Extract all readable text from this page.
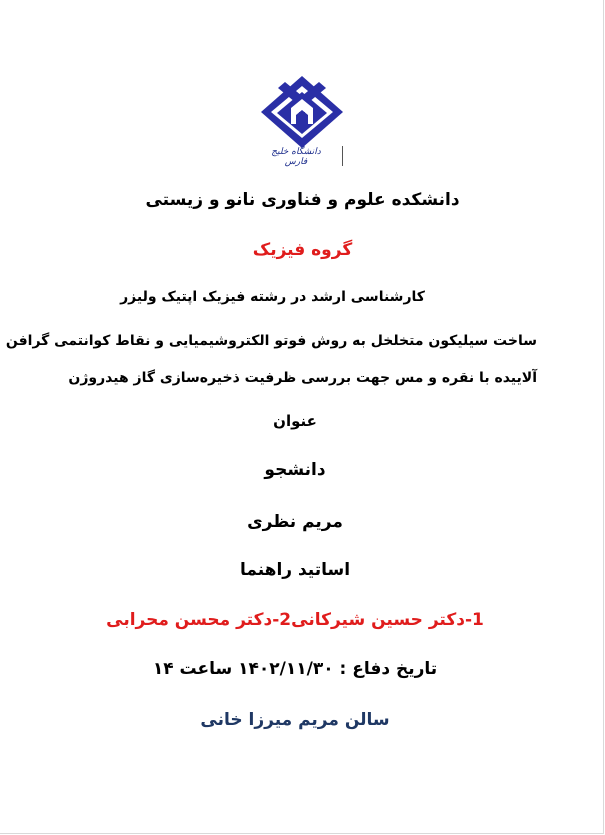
دانشگاه خلیج فارس
دانشکده علوم و فناوری نانو و زیستی
گروه فیزیک
کارشناسی ارشد در رشته فیزیک اپتیک ولیزر
ساخت سیلیکون متخلخل به روش فوتو الکتروشیمیایی و نقاط کوانتمی گرافن
آلاییده با نقره و مس جهت بررسی ظرفیت ذخیره‌سازی گاز هیدروژن
عنوان
دانشجو
مریم نظری
اساتید راهنما
1-دکتر حسین شیرکانی2-دکتر محسن محرابی
تاریخ دفاع : ۱۴۰۲/۱۱/۳۰ ساعت ۱۴
سالن مریم میرزا خانی
